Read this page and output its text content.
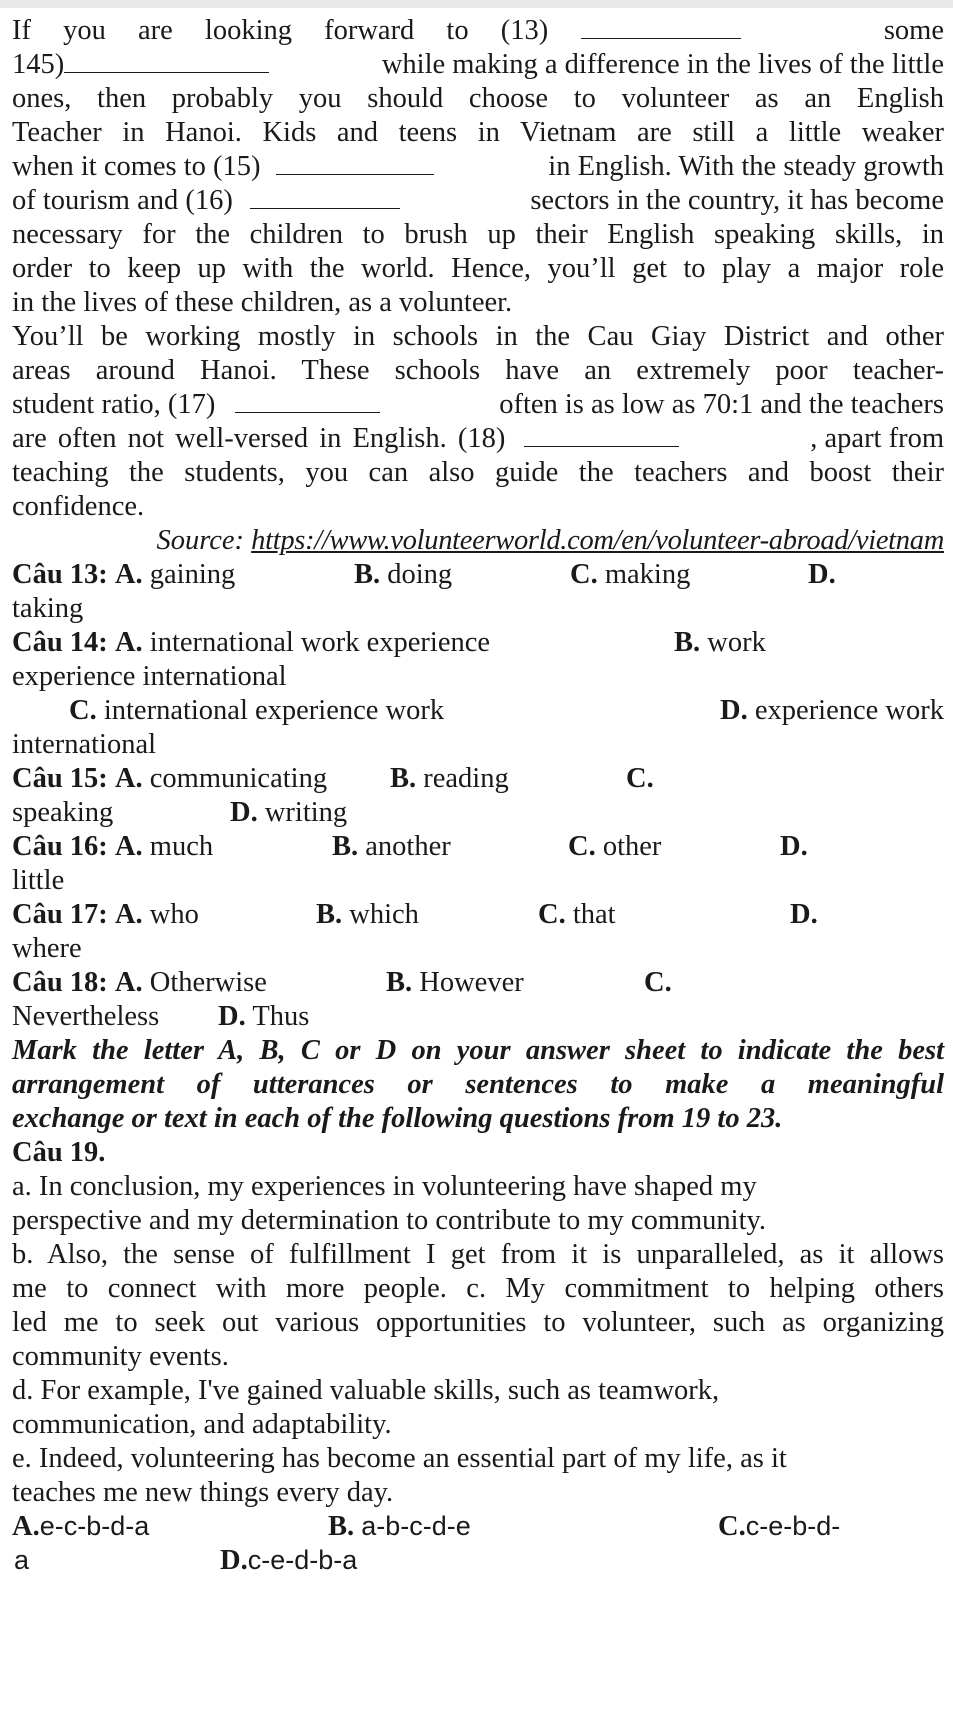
If you are looking forward to (13)	some
145)	while making a difference in the lives of the little
ones, then probably you should choose to volunteer as an English
Teacher in Hanoi. Kids and teens in Vietnam are still a little weaker
when it comes to (15)	in English. With the steady growth
of tourism and (16)	sectors in the country, it has become
necessary for the children to brush up their English speaking skills, in
order to keep up with the world. Hence, you’ll get to play a major role
in the lives of these children, as a volunteer.
You’ll be working mostly in schools in the Cau Giay District and other
areas around Hanoi. These schools have an extremely poor teacher-
student ratio, (17)	often is as low as 70:1 and the teachers
are often not well-versed in English. (18)	, apart from
teaching the students, you can also guide the teachers and boost their
confidence.
Source: https://www.volunteerworld.com/en/volunteer-abroad/vietnam
Câu 13: A. gaining	B. doing	C. making	D.
taking
Câu 14: A. international work experience	B. work
experience international
C. international experience work	D. experience work
international
Câu 15: A. communicating B. reading	C.
speaking	D. writing
Câu 16: A. much	B. another	C. other	D.
little
Câu 17: A. who	B. which	C. that	D.
where
Câu 18: A. Otherwise	B. However	C.
Nevertheless D. Thus
Mark the letter A, B, C or D on your answer sheet to indicate the best
arrangement of utterances or sentences to make a meaningful
exchange or text in each of the following questions from 19 to 23.
Câu 19.
a. In conclusion, my experiences in volunteering have shaped my
perspective and my determination to contribute to my community.
b. Also, the sense of fulfillment I get from it is unparalleled, as it allows
me to connect with more people. c. My commitment to helping others
led me to seek out various opportunities to volunteer, such as organizing
community events.
d. For example, I've gained valuable skills, such as teamwork,
communication, and adaptability.
e. Indeed, volunteering has become an essential part of my life, as it
teaches me new things every day.
A.e-c-b-d-a	B. a-b-c-d-e	C.c-e-b-d-
a	D.c-e-d-b-a
